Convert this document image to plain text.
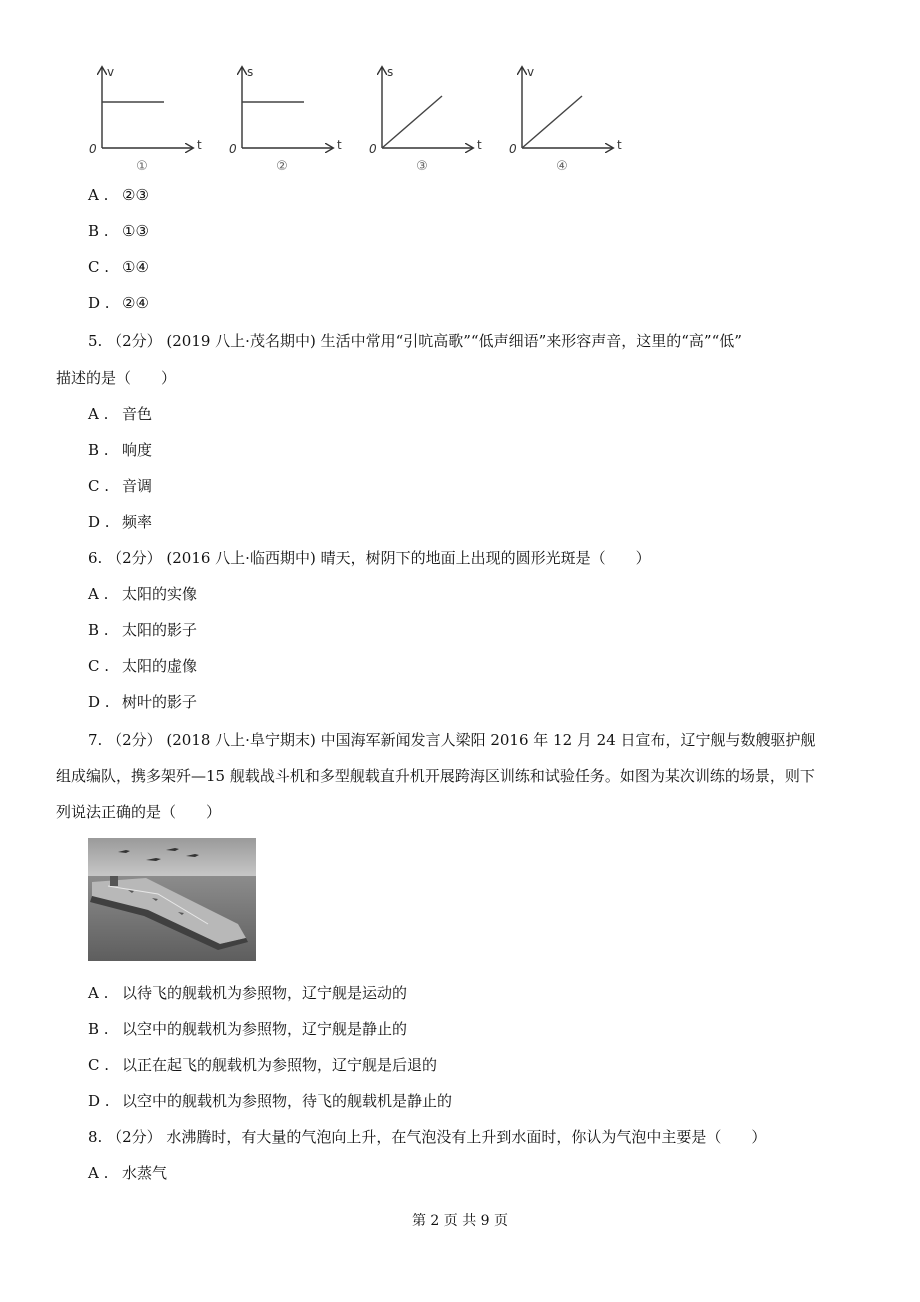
v
0	t
①
s
0	t
②
s
0	t
③
v
0	t
④
A . ②③
B . ①③
C . ①④
D . ②④
5. （2分） (2019 八上·茂名期中) 生活中常用“引吭高歌”“低声细语”来形容声音，这里的“高”“低”
描述的是（　　）
A . 音色
B . 响度
C . 音调
D . 频率
6. （2分） (2016 八上·临西期中) 晴天，树阴下的地面上出现的圆形光斑是（　　）
A . 太阳的实像
B . 太阳的影子
C . 太阳的虚像
D . 树叶的影子
7. （2分） (2018 八上·阜宁期末) 中国海军新闻发言人梁阳 2016 年 12 月 24 日宣布，辽宁舰与数艘驱护舰
组成编队，携多架歼—15 舰载战斗机和多型舰载直升机开展跨海区训练和试验任务。如图为某次训练的场景，则下
列说法正确的是（　　）
A . 以待飞的舰载机为参照物，辽宁舰是运动的
B . 以空中的舰载机为参照物，辽宁舰是静止的
C . 以正在起飞的舰载机为参照物，辽宁舰是后退的
D . 以空中的舰载机为参照物，待飞的舰载机是静止的
8. （2分） 水沸腾时，有大量的气泡向上升，在气泡没有上升到水面时，你认为气泡中主要是（　　）
A . 水蒸气
第 2 页 共 9 页
